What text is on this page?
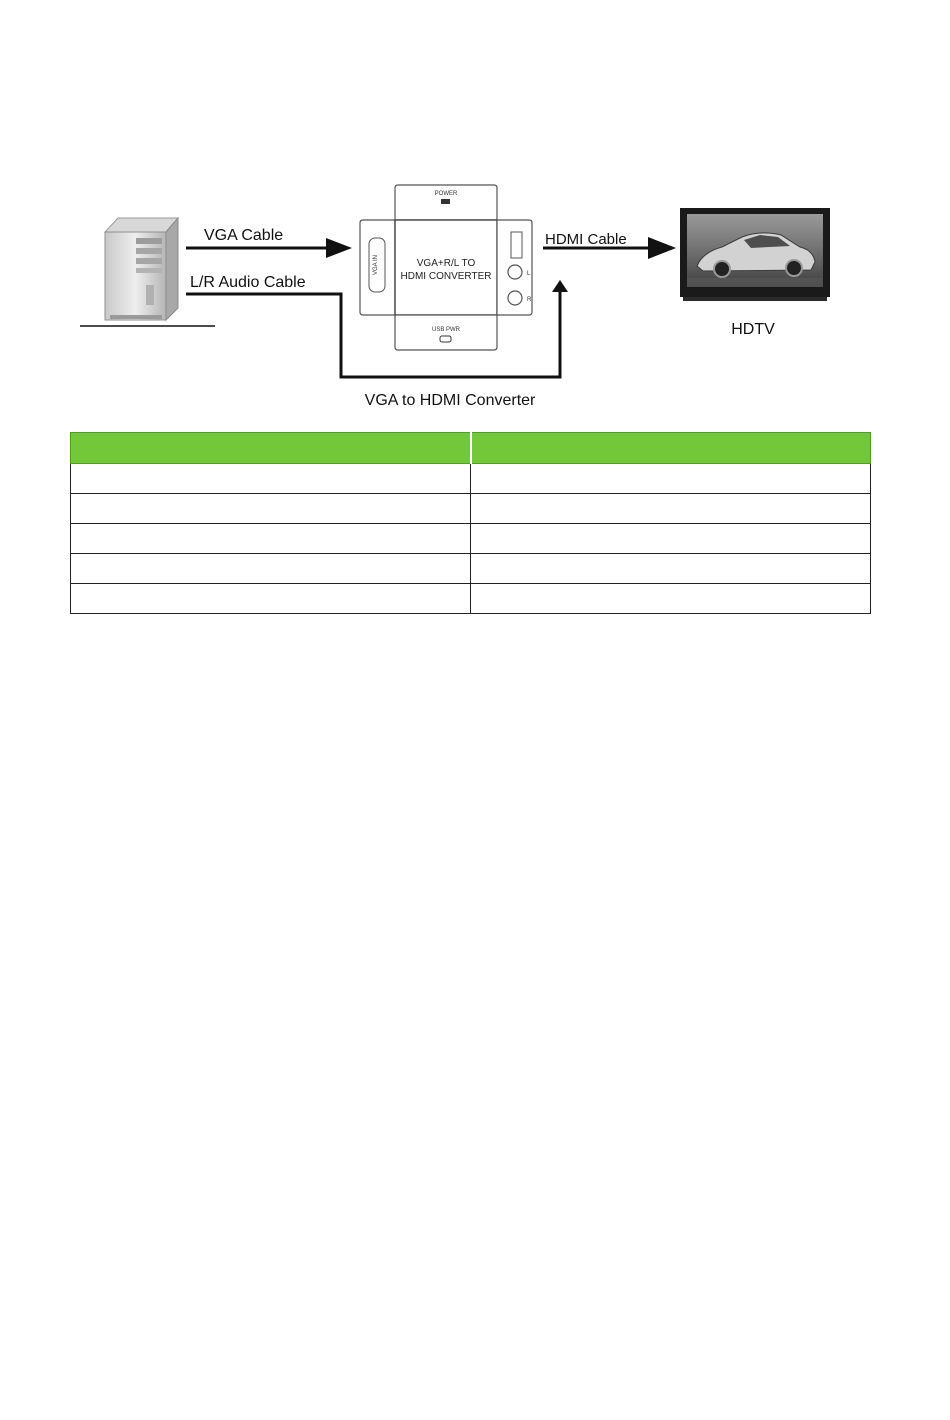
VGA Cable
L/R Audio Cable
POWER
VGA IN	VGA+R/L TO
HDMI CONVERTER	L
R
USB PWR
VGA to HDMI Converter
HDMI Cable
HDTV
